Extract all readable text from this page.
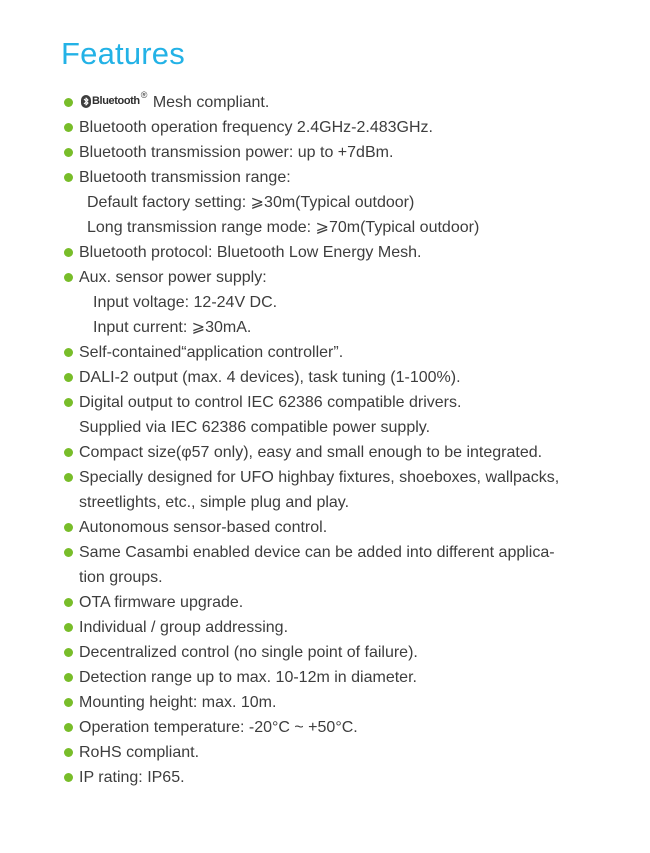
Features
Bluetooth ® Mesh compliant.
Bluetooth operation frequency 2.4GHz-2.483GHz.
Bluetooth transmission power: up to +7dBm.
Bluetooth transmission range:
Default factory setting: ⩾30m(Typical outdoor)
Long transmission range mode: ⩾70m(Typical outdoor)
Bluetooth protocol: Bluetooth Low Energy Mesh.
Aux. sensor power supply:
Input voltage: 12-24V DC.
Input current: ⩾30mA.
Self-contained“application controller”.
DALI-2 output (max. 4 devices), task tuning (1-100%).
Digital output to control IEC 62386 compatible drivers.
Supplied via IEC 62386 compatible power supply.
Compact size(φ57 only), easy and small enough to be integrated.
Specially designed for UFO highbay fixtures, shoeboxes, wallpacks,
streetlights, etc., simple plug and play.
Autonomous sensor-based control.
Same Casambi enabled device can be added into different applica-
tion groups.
OTA firmware upgrade.
Individual / group addressing.
Decentralized control (no single point of failure).
Detection range up to max. 10-12m in diameter.
Mounting height: max. 10m.
Operation temperature: -20°C ~ +50°C.
RoHS compliant.
IP rating: IP65.
